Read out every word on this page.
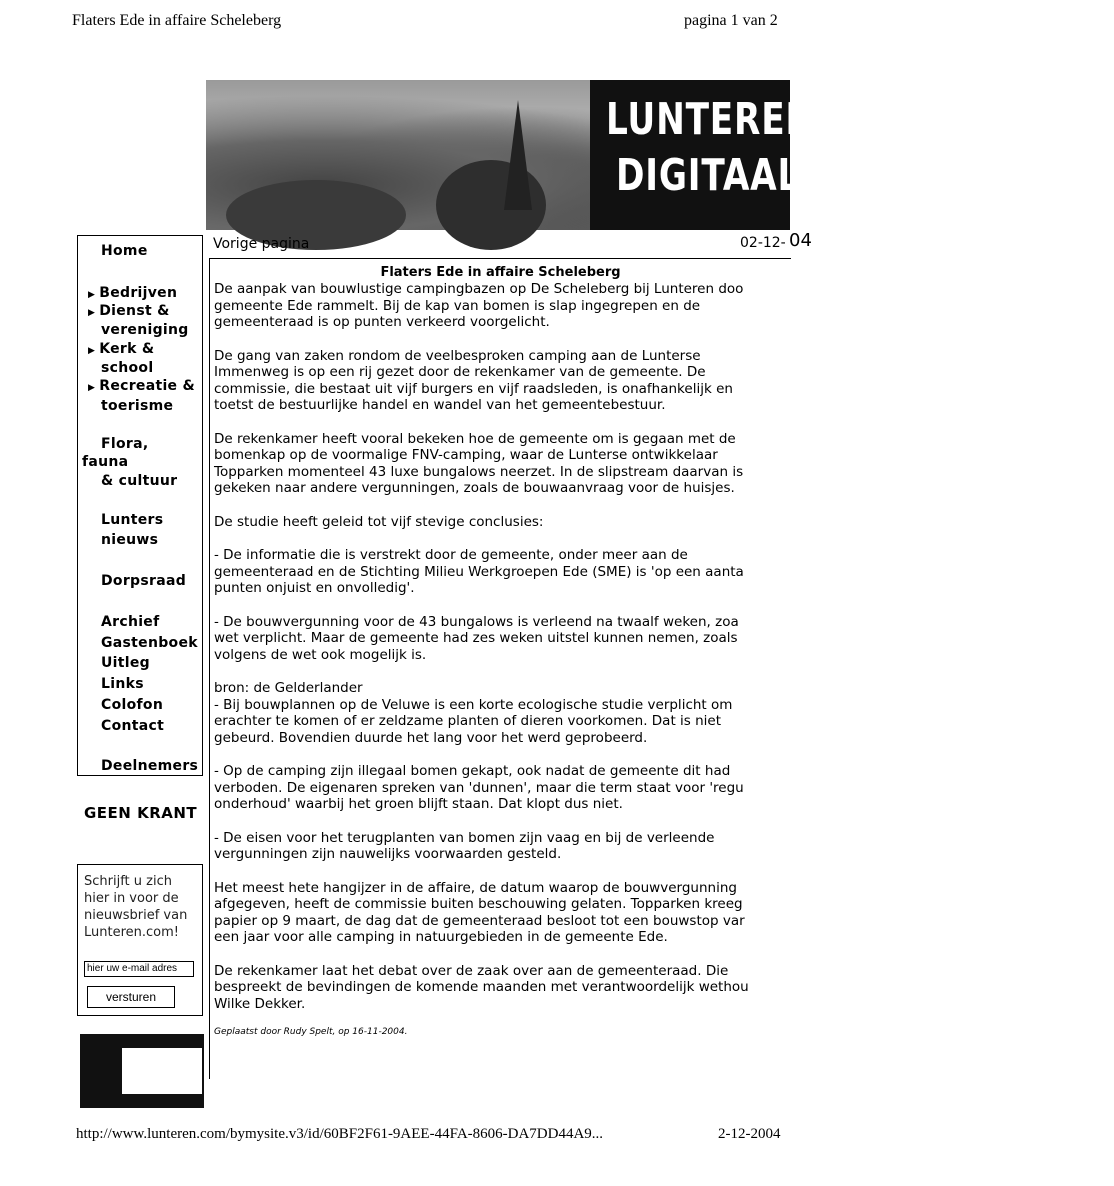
Flaters Ede in affaire Scheleberg	pagina 1 van 2
LUNTEREN
DIGITAAL
Home
▶ Bedrijven
▶ Dienst &
vereniging
▶ Kerk &
school
▶ Recreatie &
toerisme
Flora,
fauna
& cultuur
Lunters
nieuws
Dorpsraad
Archief
Gastenboek
Uitleg
Links
Colofon
Contact
Deelnemers
GEEN KRANT
Schrijft u zich hier in voor de nieuwsbrief van Lunteren.com!
hier uw e-mail adres
versturen
Vorige pagina	02-12- 04
Flaters Ede in affaire Scheleberg

De aanpak van bouwlustige campingbazen op De Scheleberg bij Lunteren doo

gemeente Ede rammelt. Bij de kap van bomen is slap ingegrepen en de

gemeenteraad is op punten verkeerd voorgelicht.

De gang van zaken rondom de veelbesproken camping aan de Lunterse

Immenweg is op een rij gezet door de rekenkamer van de gemeente. De

commissie, die bestaat uit vijf burgers en vijf raadsleden, is onafhankelijk en

toetst de bestuurlijke handel en wandel van het gemeentebestuur.

De rekenkamer heeft vooral bekeken hoe de gemeente om is gegaan met de

bomenkap op de voormalige FNV-camping, waar de Lunterse ontwikkelaar

Topparken momenteel 43 luxe bungalows neerzet. In de slipstream daarvan is

gekeken naar andere vergunningen, zoals de bouwaanvraag voor de huisjes.

De studie heeft geleid tot vijf stevige conclusies:

- De informatie die is verstrekt door de gemeente, onder meer aan de

gemeenteraad en de Stichting Milieu Werkgroepen Ede (SME) is 'op een aanta

punten onjuist en onvolledig'.

- De bouwvergunning voor de 43 bungalows is verleend na twaalf weken, zoa

wet verplicht. Maar de gemeente had zes weken uitstel kunnen nemen, zoals

volgens de wet ook mogelijk is.

bron: de Gelderlander

- Bij bouwplannen op de Veluwe is een korte ecologische studie verplicht om

erachter te komen of er zeldzame planten of dieren voorkomen. Dat is niet

gebeurd. Bovendien duurde het lang voor het werd geprobeerd.

- Op de camping zijn illegaal bomen gekapt, ook nadat de gemeente dit had

verboden. De eigenaren spreken van 'dunnen', maar die term staat voor 'regu

onderhoud' waarbij het groen blijft staan. Dat klopt dus niet.

- De eisen voor het terugplanten van bomen zijn vaag en bij de verleende

vergunningen zijn nauwelijks voorwaarden gesteld.

Het meest hete hangijzer in de affaire, de datum waarop de bouwvergunning

afgegeven, heeft de commissie buiten beschouwing gelaten. Topparken kreeg

papier op 9 maart, de dag dat de gemeenteraad besloot tot een bouwstop var

een jaar voor alle camping in natuurgebieden in de gemeente Ede.

De rekenkamer laat het debat over de zaak over aan de gemeenteraad. Die

bespreekt de bevindingen de komende maanden met verantwoordelijk wethou

Wilke Dekker.

Geplaatst door Rudy Spelt, op 16-11-2004.
http://www.lunteren.com/bymysite.v3/id/60BF2F61-9AEE-44FA-8606-DA7DD44A9...	2-12-2004
